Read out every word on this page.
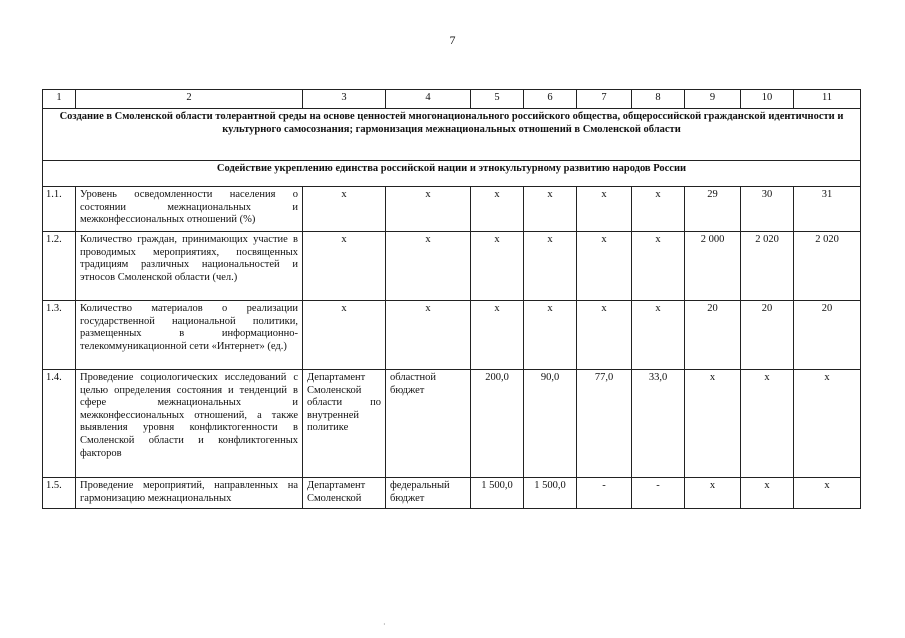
7
1	2	3	4	5	6	7	8	9	10	11
Создание в Смоленской области толерантной среды на основе ценностей многонационального российского общества, общероссийской гражданской идентичности и культурного самосознания; гармонизация межнациональных отношений в Смоленской области										
Содействие укреплению единства российской нации и этнокультурному развитию народов России										
1.1.	Уровень осведомленности населения о состоянии межнациональных и межконфессиональных отношений (%)	х	х	х	х	х	х	29	30	31
1.2.	Количество граждан, принимающих участие в проводимых мероприятиях, посвященных традициям различных национальностей и этносов Смоленской области (чел.)	х	х	х	х	х	х	2 000	2 020	2 020
1.3.	Количество материалов о реализации государственной национальной политики, размещенных в информационно-телекоммуникационной сети «Интернет» (ед.)	х	х	х	х	х	х	20	20	20
1.4.	Проведение социологических исследований с целью определения состояния и тенденций в сфере межнациональных и межконфессиональных отношений, а также выявления уровня конфликтогенности в Смоленской области и конфликтогенных факторов	Департамент Смоленской области по внутренней политике	областной бюджет	200,0	90,0	77,0	33,0	х	х	х
1.5.	Проведение мероприятий, направленных на гармонизацию межнациональных	Департамент Смоленской	федеральный бюджет	1 500,0	1 500,0	-	-	х	х	х
·
